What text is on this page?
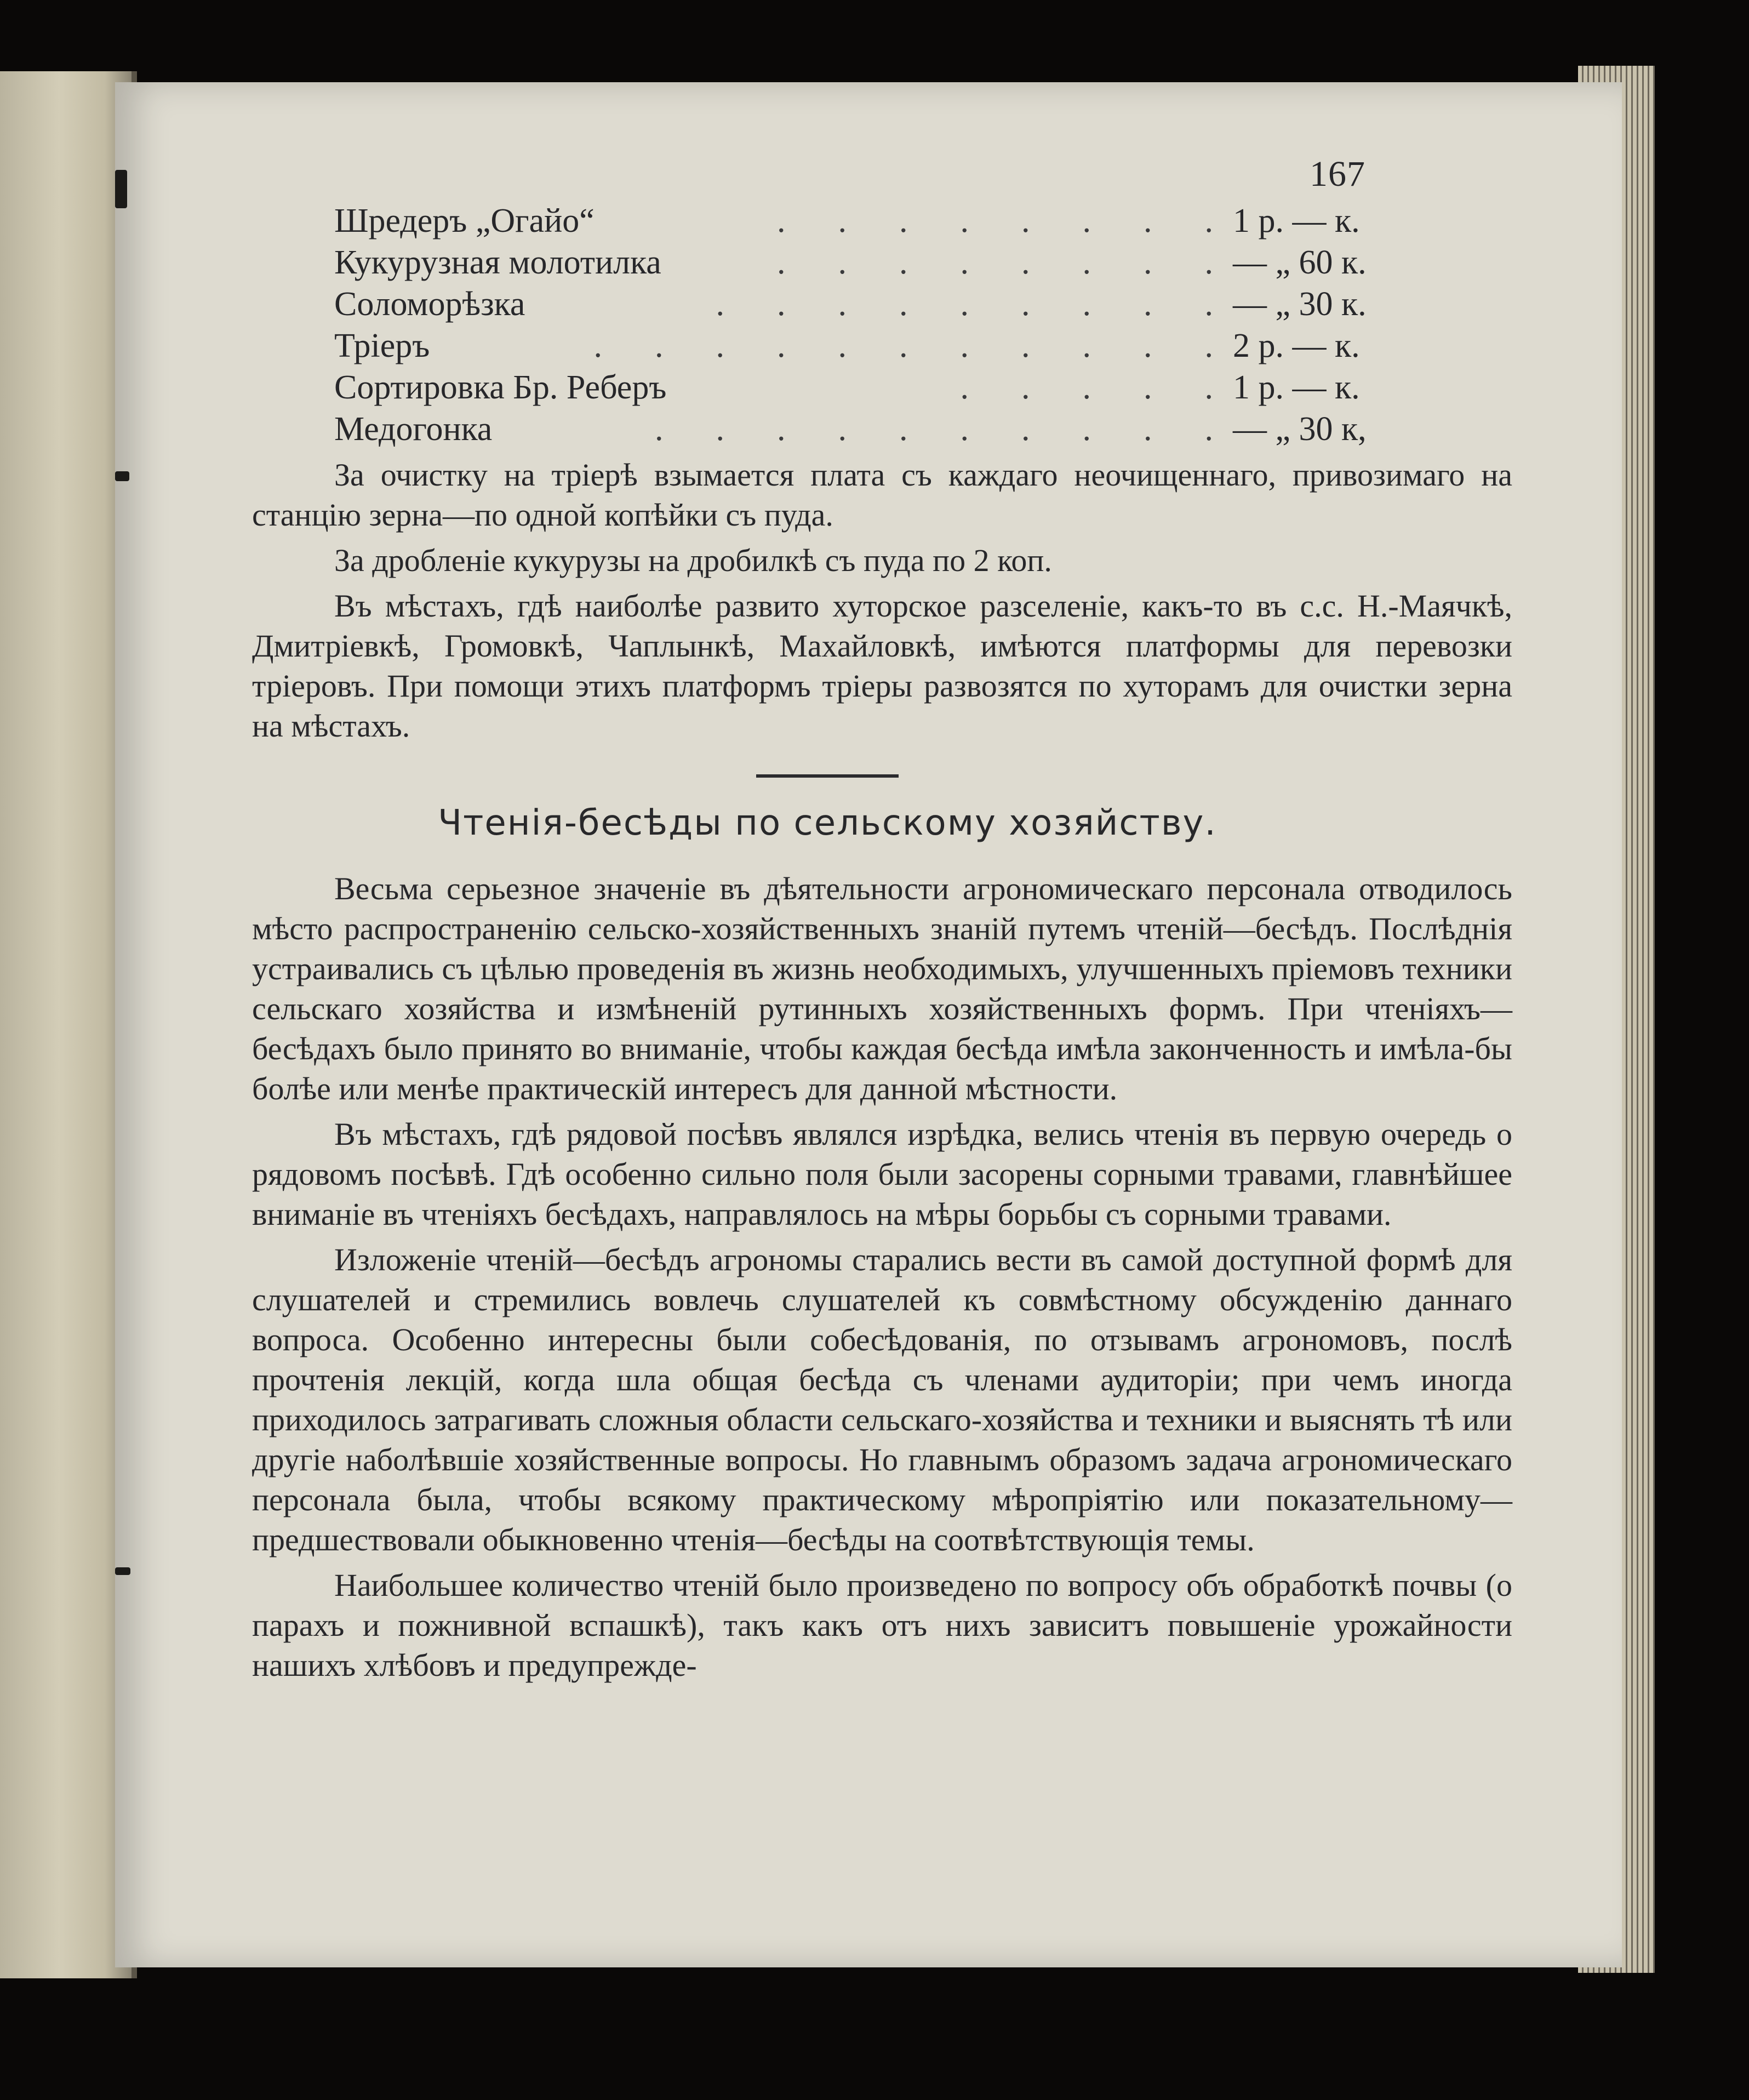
167
........
Шредеръ „Огайо“	1 р. — к.
........
Кукурузная молотилка	— „ 60 к.
.........
Соломорѣзка	— „ 30 к.
...........
Тріеръ	2 р. — к.
.....
Сортировка Бр. Реберъ	1 р. — к.
..........
Медогонка	— „ 30 к,

За очистку на тріерѣ взымается плата съ каждаго неочищеннаго, привозимаго на станцію зерна—по одной копѣйки съ пуда.

За дробленіе кукурузы на дробилкѣ съ пуда по 2 коп.

Въ мѣстахъ, гдѣ наиболѣе развито хуторское разселеніе, какъ-то въ с.с. Н.-Маячкѣ, Дмитріевкѣ, Громовкѣ, Чаплынкѣ, Махайловкѣ, имѣются платформы для перевозки тріеровъ. При помощи этихъ платформъ тріеры развозятся по хуторамъ для очистки зерна на мѣстахъ.

Чтенія-бесѣды по сельскому хозяйству.

Весьма серьезное значеніе въ дѣятельности агрономическаго персонала отводилось мѣсто распространенію сельско-хозяйственныхъ знаній путемъ чтеній—бесѣдъ. Послѣднія устраивались съ цѣлью проведенія въ жизнь необходимыхъ, улучшенныхъ пріемовъ техники сельскаго хозяйства и измѣненій рутинныхъ хозяйственныхъ формъ. При чтеніяхъ—бесѣдахъ было принято во вниманіе, чтобы каждая бесѣда имѣла законченность и имѣла-бы болѣе или менѣе практическій интересъ для данной мѣстности.

Въ мѣстахъ, гдѣ рядовой посѣвъ являлся изрѣдка, велись чтенія въ первую очередь о рядовомъ посѣвѣ. Гдѣ особенно сильно поля были засорены сорными травами, главнѣйшее вниманіе въ чтеніяхъ бесѣдахъ, направлялось на мѣры борьбы съ сорными травами.

Изложеніе чтеній—бесѣдъ агрономы старались вести въ самой доступной формѣ для слушателей и стремились вовлечь слушателей къ совмѣстному обсужденію даннаго вопроса. Особенно интересны были собесѣдованія, по отзывамъ агрономовъ, послѣ прочтенія лекцій, когда шла общая бесѣда съ членами аудиторіи; при чемъ иногда приходилось затрагивать сложныя области сельскаго-хозяйства и техники и выяснять тѣ или другіе наболѣвшіе хозяйственные вопросы. Но главнымъ образомъ задача агрономическаго персонала была, чтобы всякому практическому мѣропріятію или показательному—предшествовали обыкновенно чтенія—бесѣды на соотвѣтствующія темы.

Наибольшее количество чтеній было произведено по вопросу объ обработкѣ почвы (о парахъ и пожнивной вспашкѣ), такъ какъ отъ нихъ зависитъ повышеніе урожайности нашихъ хлѣбовъ и предупрежде-
